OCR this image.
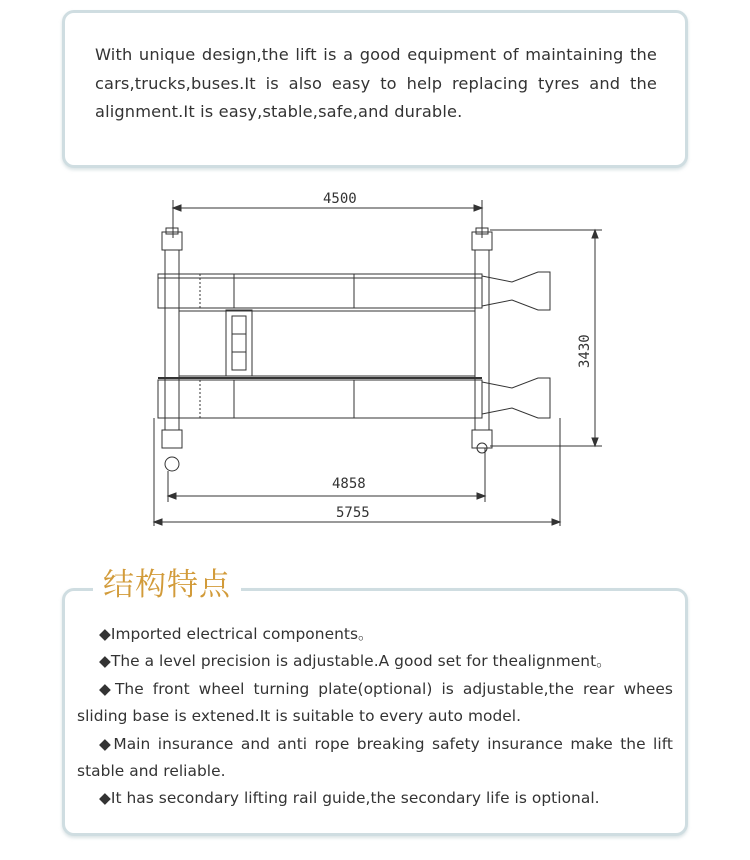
With unique design,the lift is a good equipment of maintaining the cars,trucks,buses.It is also easy to help replacing tyres and the alignment.It is easy,stable,safe,and durable.

4500
3430
4858
5755

◆Imported electrical components。

◆The a level precision is adjustable.A good set for thealignment。

◆The front wheel turning plate(optional) is adjustable,the rear whees sliding base is extened.It is suitable to every auto model.

◆Main insurance and anti rope breaking safety insurance make the lift stable and reliable.

◆It has secondary lifting rail guide,the secondary life is optional.

结构特点
